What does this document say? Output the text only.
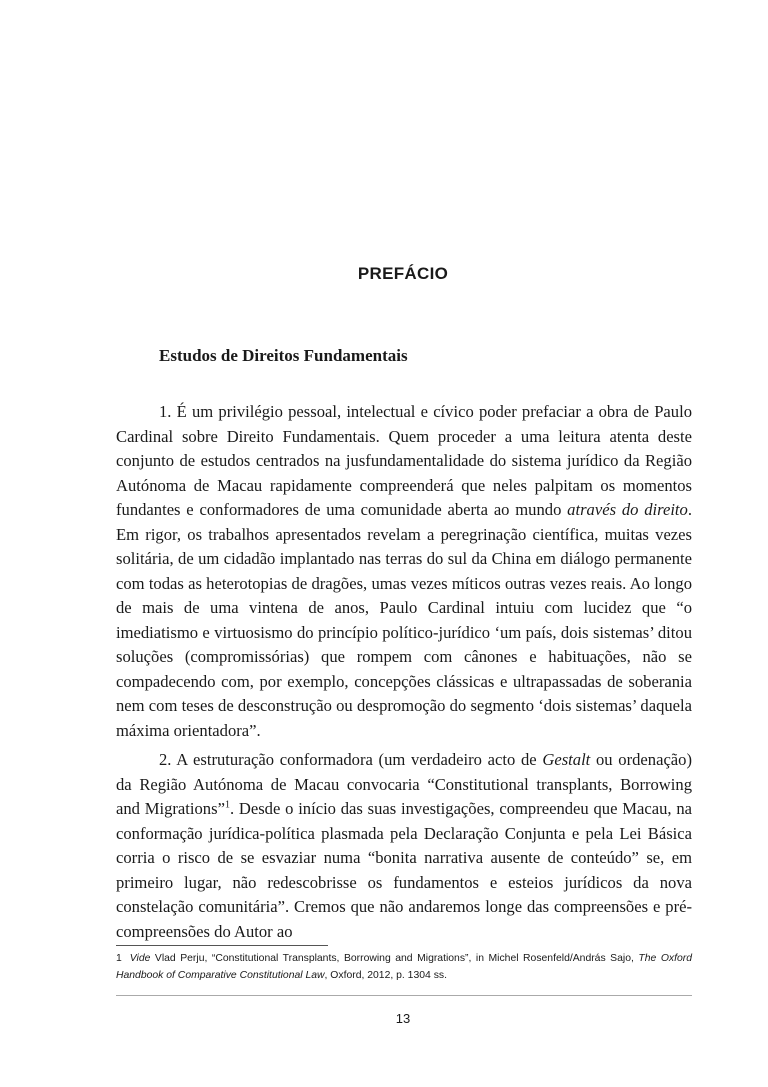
PREFÁCIO
Estudos de Direitos Fundamentais

1. É um privilégio pessoal, intelectual e cívico poder prefaciar a obra de Paulo Cardinal sobre Direito Fundamentais. Quem proceder a uma leitura atenta deste conjunto de estudos centrados na jusfundamentalidade do sistema jurídico da Região Autónoma de Macau rapidamente compreenderá que neles palpitam os momentos fundantes e conformadores de uma comunidade aberta ao mundo através do direito. Em rigor, os trabalhos apresentados revelam a peregrinação científica, muitas vezes solitária, de um cidadão implantado nas terras do sul da China em diálogo permanente com todas as heterotopias de dragões, umas vezes míticos outras vezes reais. Ao longo de mais de uma vintena de anos, Paulo Cardinal intuiu com lucidez que “o imediatismo e virtuosismo do princípio político-jurídico ‘um país, dois sistemas’ ditou soluções (compromissórias) que rompem com cânones e habituações, não se compadecendo com, por exemplo, concepções clássicas e ultrapassadas de soberania nem com teses de desconstrução ou despromoção do segmento ‘dois sistemas’ daquela máxima orientadora”.

2. A estruturação conformadora (um verdadeiro acto de Gestalt ou ordenação) da Região Autónoma de Macau convocaria “Constitutional transplants, Borrowing and Migrations”$^1$. Desde o início das suas investigações, compreendeu que Macau, na conformação jurídica-política plasmada pela Declaração Conjunta e pela Lei Básica corria o risco de se esvaziar numa “bonita narrativa ausente de conteúdo” se, em primeiro lugar, não redescobrisse os fundamentos e esteios jurídicos da nova constelação comunitária”. Cremos que não andaremos longe das compreensões e pré-compreensões do Autor ao

1 Vide Vlad Perju, “Constitutional Transplants, Borrowing and Migrations”, in Michel Rosenfeld/András Sajo, The Oxford Handbook of Comparative Constitutional Law, Oxford, 2012, p. 1304 ss.
13
